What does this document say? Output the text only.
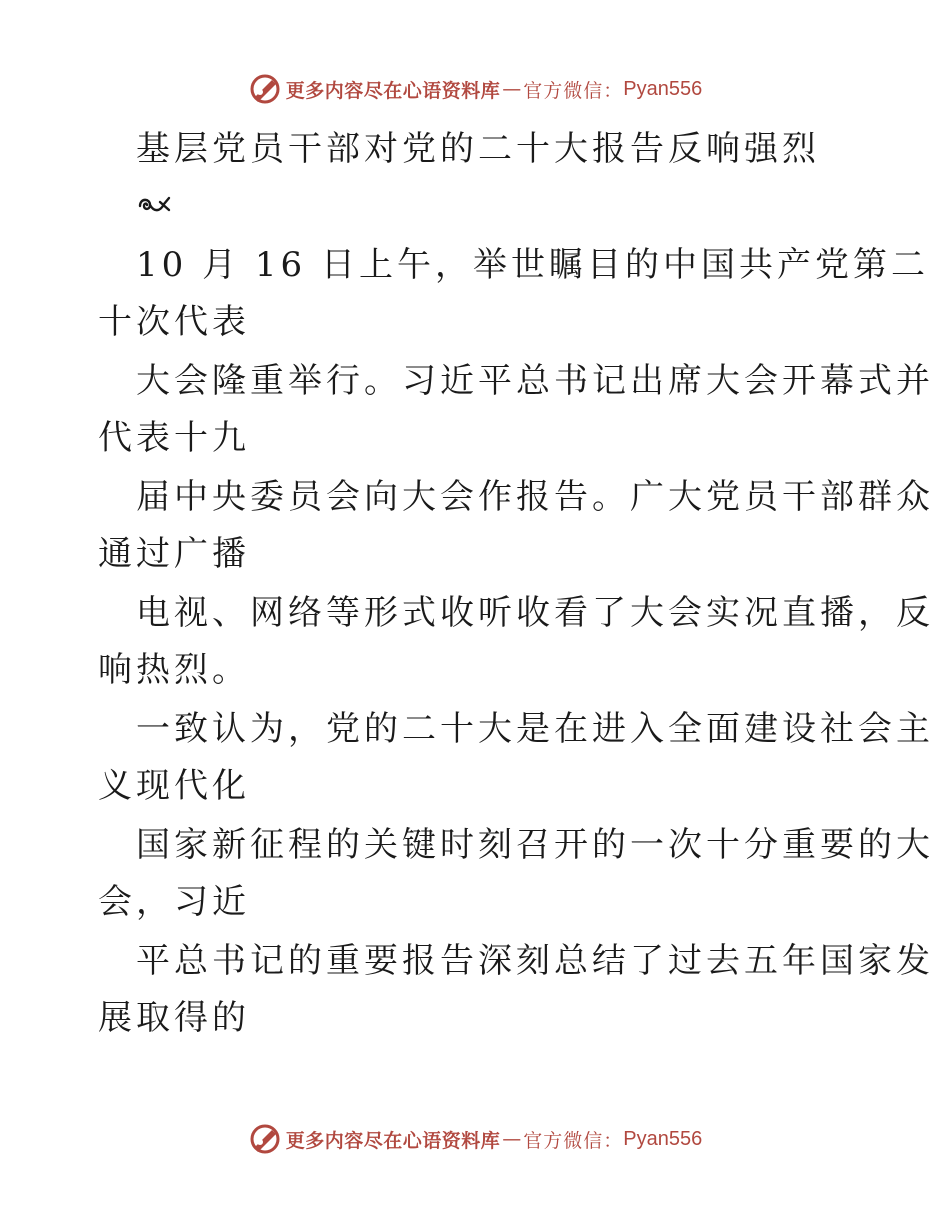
更多内容尽在心语资料库 — 官方微信： Pyan556
基层党员干部对党的二十大报告反响强烈
10 月 16 日上午，举世瞩目的中国共产党第二
十次代表
大会隆重举行。习近平总书记出席大会开幕式并
代表十九
届中央委员会向大会作报告。广大党员干部群众
通过广播
电视、网络等形式收听收看了大会实况直播，反
响热烈。
一致认为，党的二十大是在进入全面建设社会主
义现代化
国家新征程的关键时刻召开的一次十分重要的大
会，习近
平总书记的重要报告深刻总结了过去五年国家发
展取得的
更多内容尽在心语资料库 — 官方微信： Pyan556
